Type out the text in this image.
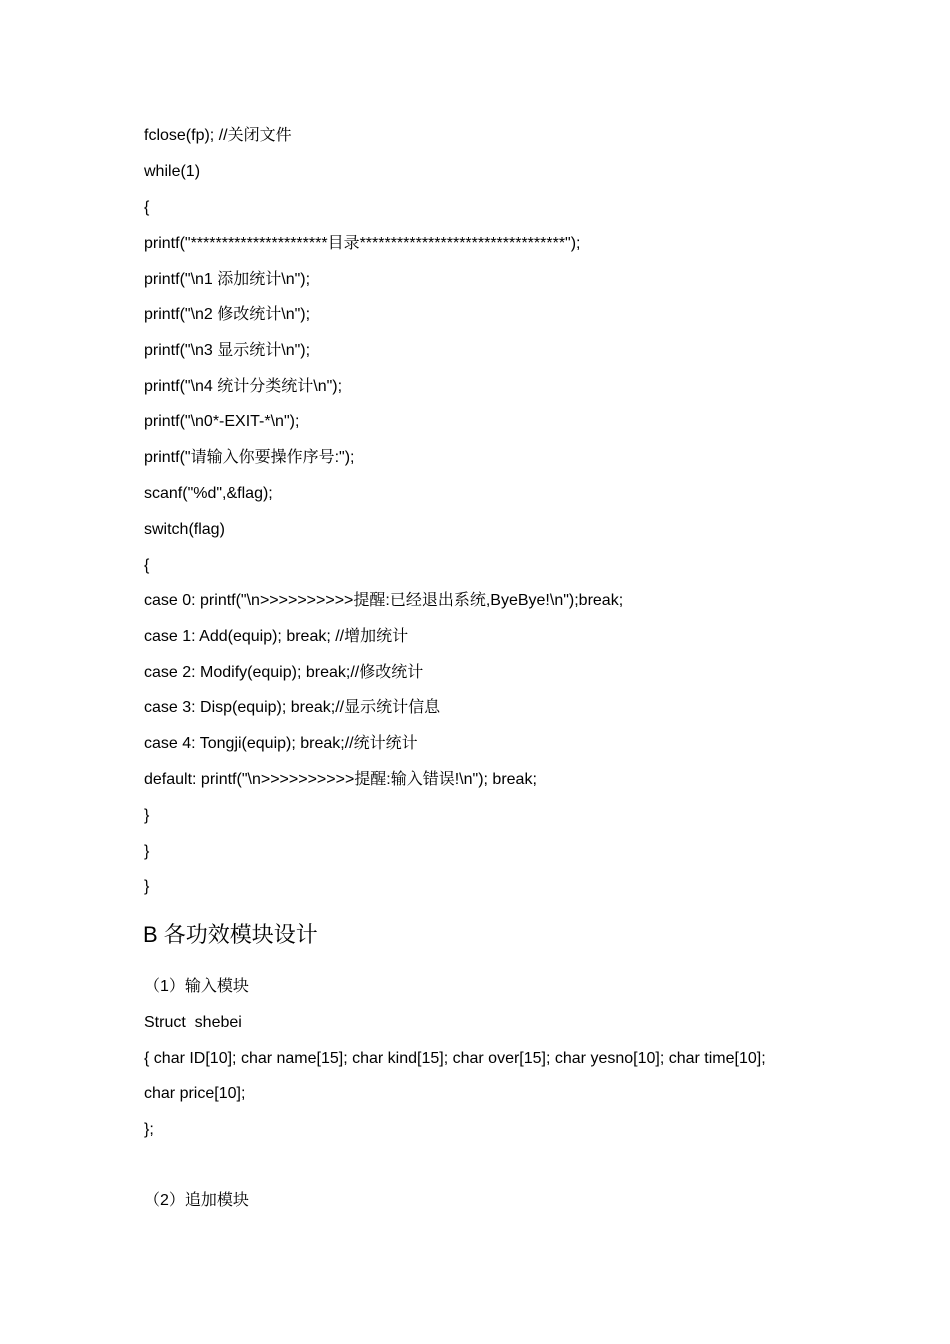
fclose(fp); //关闭文件
while(1)
{
printf("**********************目录*********************************");
printf("\n1 添加统计\n");
printf("\n2 修改统计\n");
printf("\n3 显示统计\n");
printf("\n4 统计分类统计\n");
printf("\n0*-EXIT-*\n");
printf("请输入你要操作序号:");
scanf("%d",&flag);
switch(flag)
{
case 0: printf("\n>>>>>>>>>>提醒:已经退出系统,ByeBye!\n");break;
case 1: Add(equip); break; //增加统计
case 2: Modify(equip); break;//修改统计
case 3: Disp(equip); break;//显示统计信息
case 4: Tongji(equip); break;//统计统计
default: printf("\n>>>>>>>>>>提醒:输入错误!\n"); break;
}
}
}
B 各功效模块设计
（1）输入模块
Struct  shebei
{ char ID[10]; char name[15]; char kind[15]; char over[15]; char yesno[10]; char time[10];
char price[10];
};
（2）追加模块
